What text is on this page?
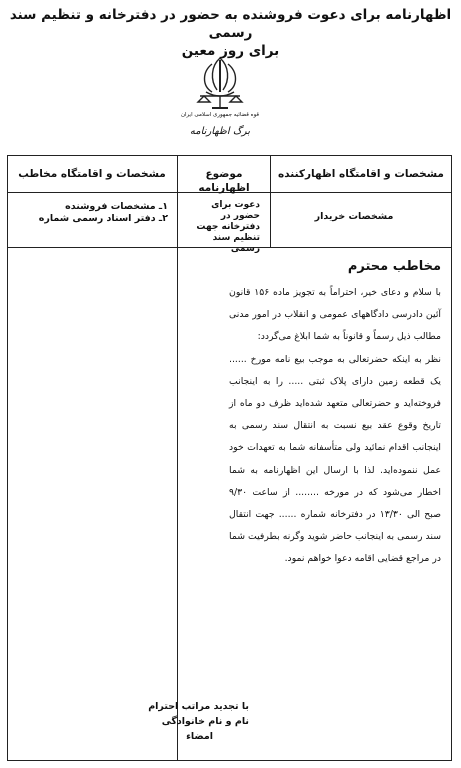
اظهارنامه برای دعوت فروشنده به حضور در دفترخانه و تنظیم سند رسمی
برای روز معین
قوه قضائیه جمهوری اسلامی ایران
برگ اظهارنامه
مشخصات و اقامتگاه اظهارکننده
موضوع اظهارنامه
مشخصات و اقامتگاه مخاطب
مشخصات خریدار
دعوت برای حضور در دفترخانه جهت تنظیم سند رسمی
۱ـ مشخصات فروشنده
۲ـ دفتر اسناد رسمی شماره
مخاطب محترم

با سلام و دعای خیر، احتراماً به تجویز ماده ۱۵۶ قانون آئین دادرسی دادگاههای عمومی و انقلاب در امور مدنی مطالب ذیل رسماً و قانوناً به شما ابلاغ می‌گردد:

نظر به اینکه حضرتعالی به موجب بیع نامه مورخ ...... یک قطعه زمین دارای پلاک ثبتی ..... را به اینجانب فروخته‌اید و حضرتعالی متعهد شده‌اید ظرف دو ماه از تاریخ وقوع عقد بیع نسبت به انتقال سند رسمی به اینجانب اقدام نمائید ولی متأسفانه شما به تعهدات خود عمل ننموده‌اید. لذا با ارسال این اظهارنامه به شما اخطار می‌شود که در مورخه ........ از ساعت ۹/۳۰ صبح الی ۱۳/۳۰ در دفترخانه شماره ...... جهت انتقال سند رسمی به اینجانب حاضر شوید وگرنه بطرفیت شما در مراجع قضایی اقامه دعوا خواهم نمود.

با تجدید مراتب احترام
نام و نام خانوادگی
امضاء
